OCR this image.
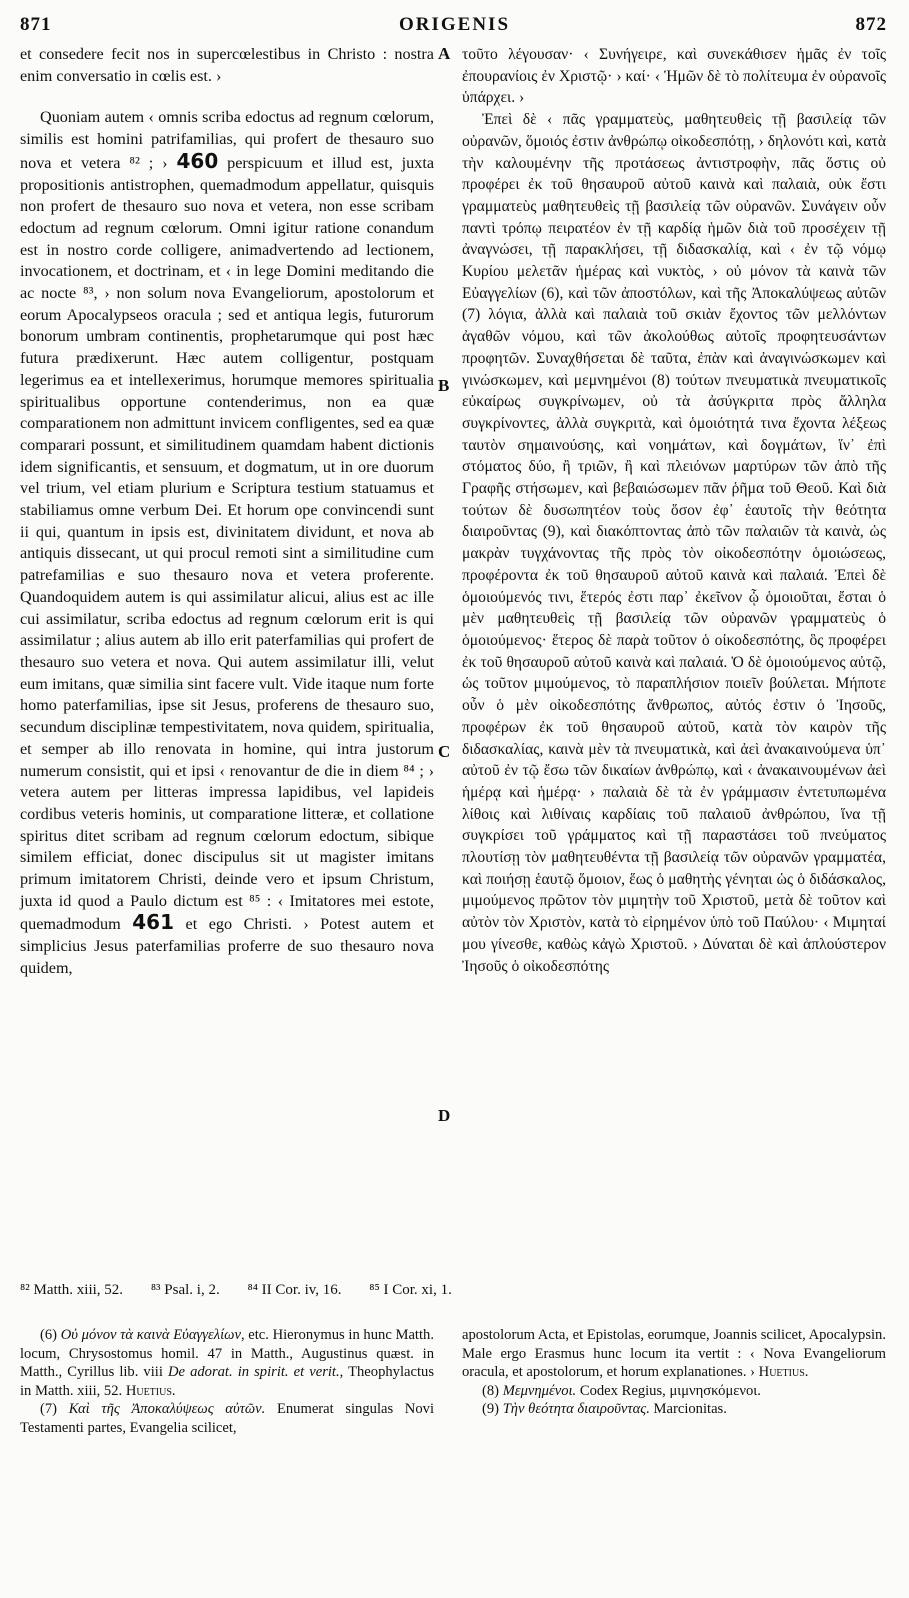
871	ORIGENIS	872

et consedere fecit nos in supercœlestibus in Christo : nostra enim conversatio in cœlis est. ›

Quoniam autem ‹ omnis scriba edoctus ad regnum cœlorum, similis est homini patrifamilias, qui profert de thesauro suo nova et vetera ⁸² ; › 460 perspicuum et illud est, juxta propositionis antistrophen, quemadmodum appellatur, quisquis non profert de thesauro suo nova et vetera, non esse scribam edoctum ad regnum cœlorum. Omni igitur ratione conandum est in nostro corde colligere, animadvertendo ad lectionem, invocationem, et doctrinam, et ‹ in lege Domini meditando die ac nocte ⁸³, › non solum nova Evangeliorum, apostolorum et eorum Apocalypseos oracula ; sed et antiqua legis, futurorum bonorum umbram continentis, prophetarumque qui post hæc futura prædixerunt. Hæc autem colligentur, postquam legerimus ea et intellexerimus, horumque memores spiritualia spiritualibus opportune contenderimus, non ea quæ comparationem non admittunt invicem confligentes, sed ea quæ comparari possunt, et similitudinem quamdam habent dictionis idem significantis, et sensuum, et dogmatum, ut in ore duorum vel trium, vel etiam plurium e Scriptura testium statuamus et stabiliamus omne verbum Dei. Et horum ope convincendi sunt ii qui, quantum in ipsis est, divinitatem dividunt, et nova ab antiquis dissecant, ut qui procul remoti sint a similitudine cum patrefamilias e suo thesauro nova et vetera proferente. Quandoquidem autem is qui assimilatur alicui, alius est ac ille cui assimilatur, scriba edoctus ad regnum cœlorum erit is qui assimilatur ; alius autem ab illo erit paterfamilias qui profert de thesauro suo vetera et nova. Qui autem assimilatur illi, velut eum imitans, quæ similia sint facere vult. Vide itaque num forte homo paterfamilias, ipse sit Jesus, proferens de thesauro suo, secundum disciplinæ tempestivitatem, nova quidem, spiritualia, et semper ab illo renovata in homine, qui intra justorum numerum consistit, qui et ipsi ‹ renovantur de die in diem ⁸⁴ ; › vetera autem per litteras impressa lapidibus, vel lapideis cordibus veteris hominis, ut comparatione litteræ, et collatione spiritus ditet scribam ad regnum cœlorum edoctum, sibique similem efficiat, donec discipulus sit ut magister imitans primum imitatorem Christi, deinde vero et ipsum Christum, juxta id quod a Paulo dictum est ⁸⁵ : ‹ Imitatores mei estote, quemadmodum 461 et ego Christi. › Potest autem et simplicius Jesus paterfamilias proferre de suo thesauro nova quidem,

A
B
C
D

τοῦτο λέγουσαν· ‹ Συνήγειρε, καὶ συνεκάθισεν ἡμᾶς ἐν τοῖς ἐπουρανίοις ἐν Χριστῷ· › καί· ‹ Ἡμῶν δὲ τὸ πολίτευμα ἐν οὐρανοῖς ὑπάρχει. ›

Ἐπεὶ δὲ ‹ πᾶς γραμματεὺς, μαθητευθεὶς τῇ βασιλείᾳ τῶν οὐρανῶν, ὅμοιός ἐστιν ἀνθρώπῳ οἰκοδεσπότῃ, › δηλονότι καὶ, κατὰ τὴν καλουμένην τῆς προτάσεως ἀντιστροφὴν, πᾶς ὅστις οὐ προφέρει ἐκ τοῦ θησαυροῦ αὐτοῦ καινὰ καὶ παλαιὰ, οὐκ ἔστι γραμματεὺς μαθητευθεὶς τῇ βασιλείᾳ τῶν οὐρανῶν. Συνάγειν οὖν παντὶ τρόπῳ πειρατέον ἐν τῇ καρδίᾳ ἡμῶν διὰ τοῦ προσέχειν τῇ ἀναγνώσει, τῇ παρακλήσει, τῇ διδασκαλίᾳ, καὶ ‹ ἐν τῷ νόμῳ Κυρίου μελετᾶν ἡμέρας καὶ νυκτὸς, › οὐ μόνον τὰ καινὰ τῶν Εὐαγγελίων (6), καὶ τῶν ἀποστόλων, καὶ τῆς Ἀποκαλύψεως αὐτῶν (7) λόγια, ἀλλὰ καὶ παλαιὰ τοῦ σκιὰν ἔχοντος τῶν μελλόντων ἀγαθῶν νόμου, καὶ τῶν ἀκολούθως αὐτοῖς προφητευσάντων προφητῶν. Συναχθήσεται δὲ ταῦτα, ἐπὰν καὶ ἀναγινώσκωμεν καὶ γινώσκωμεν, καὶ μεμνημένοι (8) τούτων πνευματικὰ πνευματικοῖς εὐκαίρως συγκρίνωμεν, οὐ τὰ ἀσύγκριτα πρὸς ἄλληλα συγκρίνοντες, ἀλλὰ συγκριτὰ, καὶ ὁμοιότητά τινα ἔχοντα λέξεως ταυτὸν σημαινούσης, καὶ νοημάτων, καὶ δογμάτων, ἵν᾽ ἐπὶ στόματος δύο, ἢ τριῶν, ἢ καὶ πλειόνων μαρτύρων τῶν ἀπὸ τῆς Γραφῆς στήσωμεν, καὶ βεβαιώσωμεν πᾶν ῥῆμα τοῦ Θεοῦ. Καὶ διὰ τούτων δὲ δυσωπητέον τοὺς ὅσον ἐφ᾽ ἑαυτοῖς τὴν θεότητα διαιροῦντας (9), καὶ διακόπτοντας ἀπὸ τῶν παλαιῶν τὰ καινὰ, ὡς μακρὰν τυγχάνοντας τῆς πρὸς τὸν οἰκοδεσπότην ὁμοιώσεως, προφέροντα ἐκ τοῦ θησαυροῦ αὐτοῦ καινὰ καὶ παλαιά. Ἐπεὶ δὲ ὁμοιούμενός τινι, ἕτερός ἐστι παρ᾽ ἐκεῖνον ᾧ ὁμοιοῦται, ἔσται ὁ μὲν μαθητευθεὶς τῇ βασιλείᾳ τῶν οὐρανῶν γραμματεὺς ὁ ὁμοιούμενος· ἕτερος δὲ παρὰ τοῦτον ὁ οἰκοδεσπότης, ὃς προφέρει ἐκ τοῦ θησαυροῦ αὐτοῦ καινὰ καὶ παλαιά. Ὁ δὲ ὁμοιούμενος αὐτῷ, ὡς τοῦτον μιμούμενος, τὸ παραπλήσιον ποιεῖν βούλεται. Μήποτε οὖν ὁ μὲν οἰκοδεσπότης ἄνθρωπος, αὐτός ἐστιν ὁ Ἰησοῦς, προφέρων ἐκ τοῦ θησαυροῦ αὐτοῦ, κατὰ τὸν καιρὸν τῆς διδασκαλίας, καινὰ μὲν τὰ πνευματικὰ, καὶ ἀεὶ ἀνακαινούμενα ὑπ᾽ αὐτοῦ ἐν τῷ ἔσω τῶν δικαίων ἀνθρώπῳ, καὶ ‹ ἀνακαινουμένων ἀεὶ ἡμέρᾳ καὶ ἡμέρᾳ· › παλαιὰ δὲ τὰ ἐν γράμμασιν ἐντετυπωμένα λίθοις καὶ λιθίναις καρδίαις τοῦ παλαιοῦ ἀνθρώπου, ἵνα τῇ συγκρίσει τοῦ γράμματος καὶ τῇ παραστάσει τοῦ πνεύματος πλουτίσῃ τὸν μαθητευθέντα τῇ βασιλείᾳ τῶν οὐρανῶν γραμματέα, καὶ ποιήσῃ ἑαυτῷ ὅμοιον, ἕως ὁ μαθητὴς γένηται ὡς ὁ διδάσκαλος, μιμούμενος πρῶτον τὸν μιμητὴν τοῦ Χριστοῦ, μετὰ δὲ τοῦτον καὶ αὐτὸν τὸν Χριστὸν, κατὰ τὸ εἰρημένον ὑπὸ τοῦ Παύλου· ‹ Μιμηταί μου γίνεσθε, καθὼς κἀγὼ Χριστοῦ. › Δύναται δὲ καὶ ἁπλούστερον Ἰησοῦς ὁ οἰκοδεσπότης

⁸² Matth. xiii, 52. ⁸³ Psal. i, 2. ⁸⁴ II Cor. iv, 16. ⁸⁵ I Cor. xi, 1.

(6) Οὐ μόνον τὰ καινὰ Εὐαγγελίων, etc. Hieronymus in hunc Matth. locum, Chrysostomus homil. 47 in Matth., Augustinus quæst. in Matth., Cyrillus lib. viii De adorat. in spirit. et verit., Theophylactus in Matth. xiii, 52. Huetius.

(7) Καὶ τῆς Ἀποκαλύψεως αὐτῶν. Enumerat singulas Novi Testamenti partes, Evangelia scilicet,

apostolorum Acta, et Epistolas, eorumque, Joannis scilicet, Apocalypsin. Male ergo Erasmus hunc locum ita vertit : ‹ Nova Evangeliorum oracula, et apostolorum, et horum explanationes. › Huetius.

(8) Μεμνημένοι. Codex Regius, μιμνησκόμενοι.

(9) Τὴν θεότητα διαιροῦντας. Marcionitas.
